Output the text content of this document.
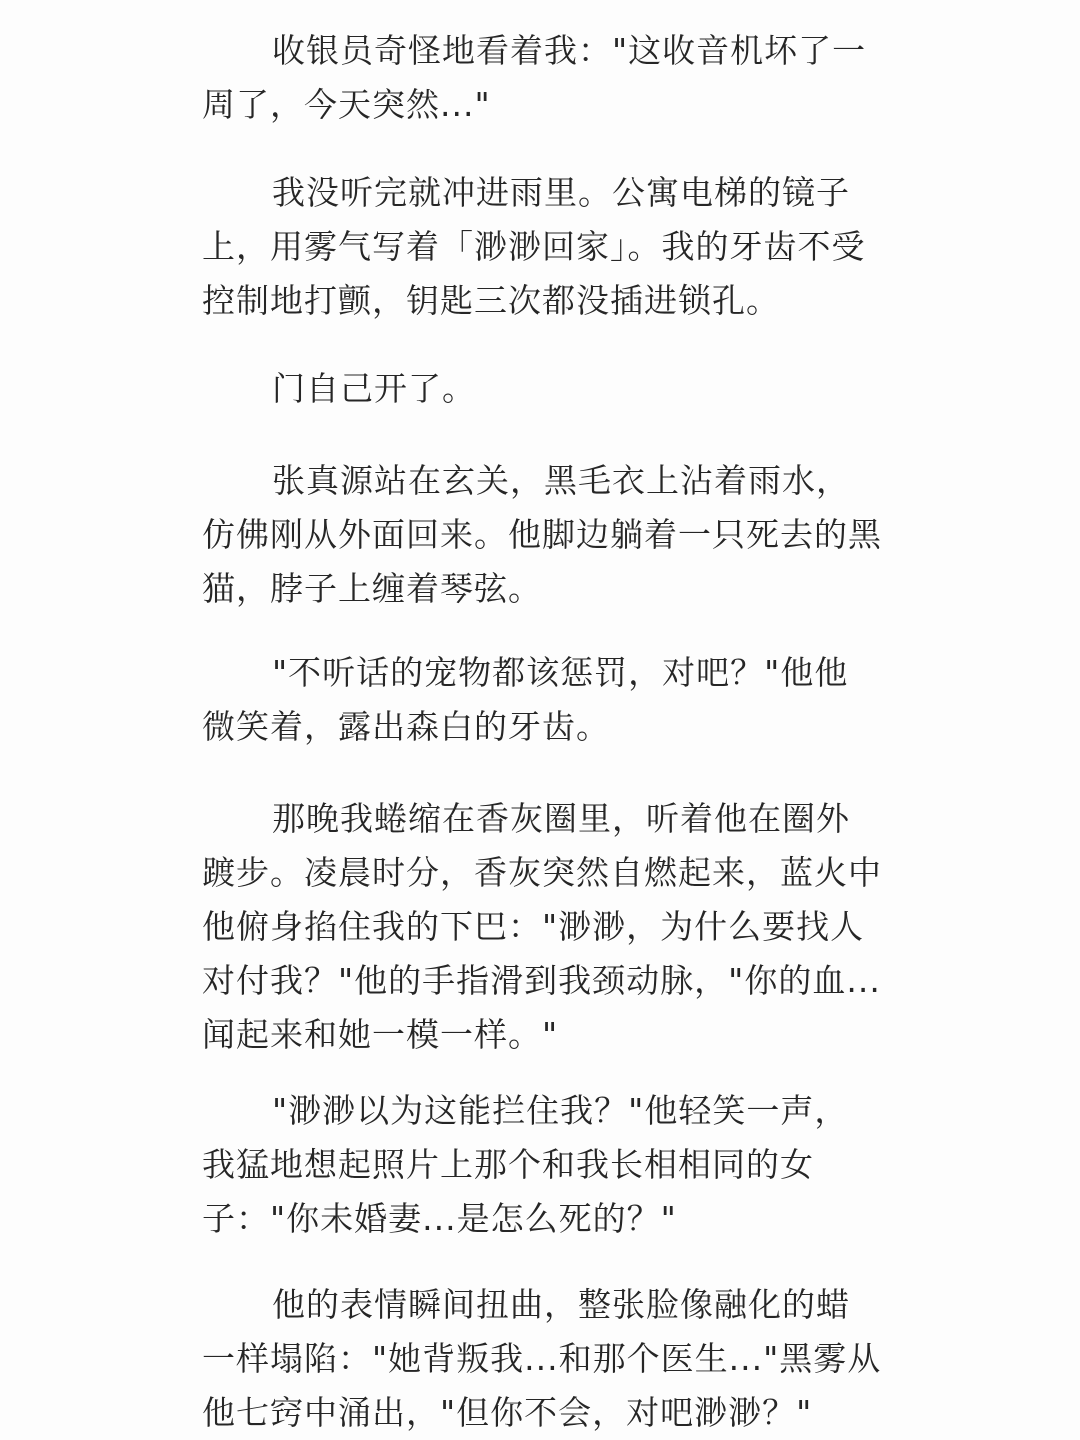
收银员奇怪地看着我："这收音机坏了一周了，今天突然..."

我没听完就冲进雨里。公寓电梯的镜子上，用雾气写着「渺渺回家」。我的牙齿不受控制地打颤，钥匙三次都没插进锁孔。

门自己开了。

张真源站在玄关，黑毛衣上沾着雨水，仿佛刚从外面回来。他脚边躺着一只死去的黑猫，脖子上缠着琴弦。

"不听话的宠物都该惩罚，对吧？"他他微笑着，露出森白的牙齿。

那晚我蜷缩在香灰圈里，听着他在圈外踱步。凌晨时分，香灰突然自燃起来，蓝火中他俯身掐住我的下巴："渺渺，为什么要找人对付我？"他的手指滑到我颈动脉，"你的血...闻起来和她一模一样。"

"渺渺以为这能拦住我？"他轻笑一声，我猛地想起照片上那个和我长相相同的女子："你未婚妻...是怎么死的？"

他的表情瞬间扭曲，整张脸像融化的蜡一样塌陷："她背叛我...和那个医生..."黑雾从他七窍中涌出，"但你不会，对吧渺渺？"
